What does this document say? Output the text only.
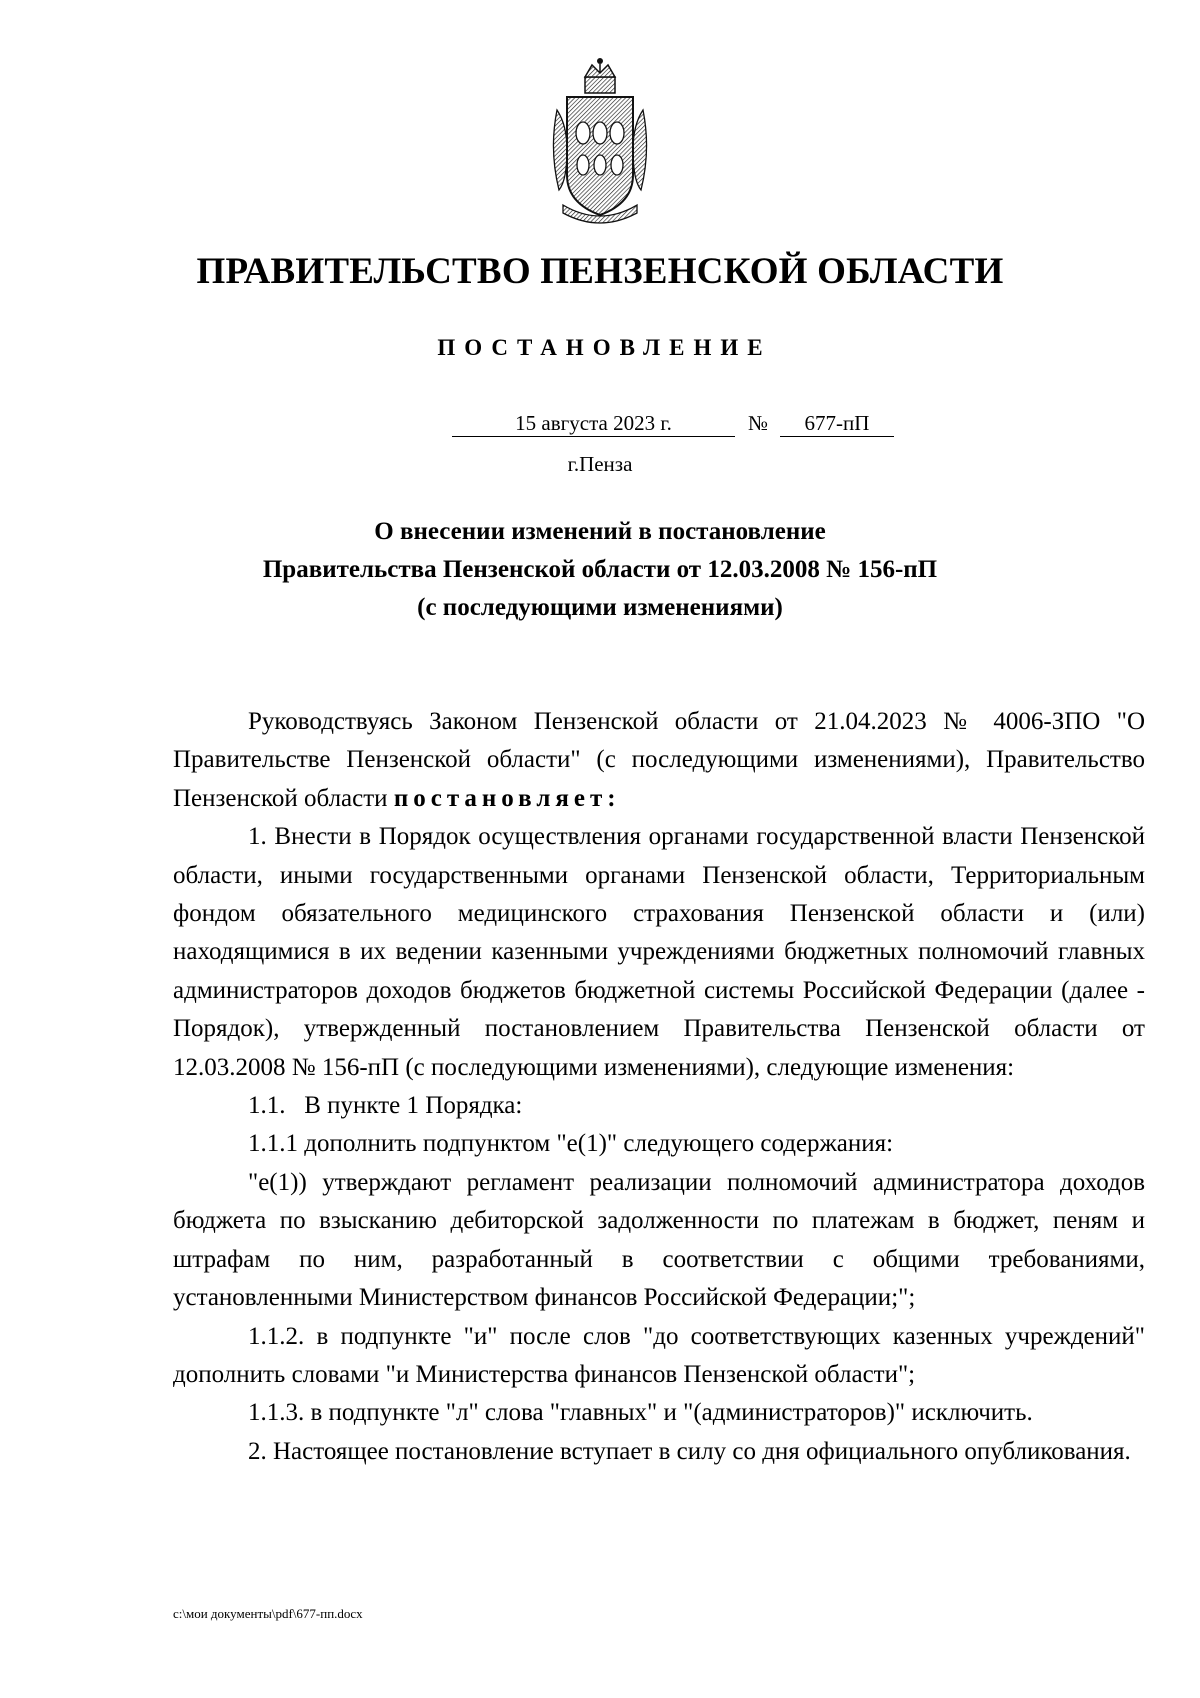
ПРАВИТЕЛЬСТВО ПЕНЗЕНСКОЙ ОБЛАСТИ
ПОСТАНОВЛЕНИЕ
15 августа 2023 г.	№	677-пП
г.Пенза
О внесении изменений в постановление
Правительства Пензенской области от 12.03.2008 № 156-пП
(с последующими изменениями)

Руководствуясь Законом Пензенской области от 21.04.2023 № 4006-ЗПО "О Правительстве Пензенской области" (с последующими изменениями), Правительство Пензенской области постановляет:

1. Внести в Порядок осуществления органами государственной власти Пензенской области, иными государственными органами Пензенской области, Территориальным фондом обязательного медицинского страхования Пензенской области и (или) находящимися в их ведении казенными учреждениями бюджетных полномочий главных администраторов доходов бюджетов бюджетной системы Российской Федерации (далее - Порядок), утвержденный постановлением Правительства Пензенской области от 12.03.2008 № 156-пП (с последующими изменениями), следующие изменения:

1.1.   В пункте 1 Порядка:

1.1.1 дополнить подпунктом "е(1)" следующего содержания:

"е(1)) утверждают регламент реализации полномочий администратора доходов бюджета по взысканию дебиторской задолженности по платежам в бюджет, пеням и штрафам по ним, разработанный в соответствии с общими требованиями, установленными Министерством финансов Российской Федерации;";

1.1.2. в подпункте "и" после слов "до соответствующих казенных учреждений" дополнить словами "и Министерства финансов Пензенской области";

1.1.3. в подпункте "л" слова "главных" и "(администраторов)" исключить.

2. Настоящее постановление вступает в силу со дня официального опубликования.

c:\мои документы\pdf\677-пп.docx
